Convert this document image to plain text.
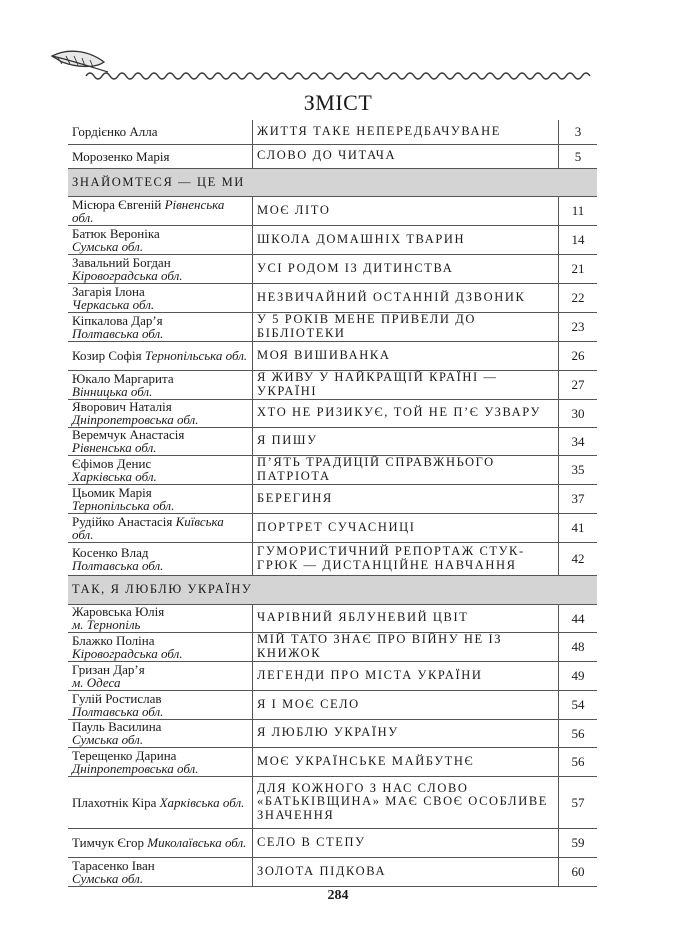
ЗМІСТ
Гордієнко Алла	ЖИТТЯ ТАКЕ НЕПЕРЕДБАЧУВАНЕ	3
Морозенко Марія	СЛОВО ДО ЧИТАЧА	5
ЗНАЙОМТЕСЯ — ЦЕ МИ		
Місюра Євгеній Рівненська обл.	МОЄ ЛІТО	11

Батюк Вероніка
Сумська обл.	ШКОЛА ДОМАШНІХ ТВАРИН	14

Завальний Богдан
Кіровоградська обл.	УСІ РОДОМ ІЗ ДИТИНСТВА	21

Загарія Ілона
Черкаська обл.	НЕЗВИЧАЙНИЙ ОСТАННІЙ ДЗВОНИК	22

Кіпкалова Дар’я
Полтавська обл.	У 5 РОКІВ МЕНЕ ПРИВЕЛИ ДО БІБЛІОТЕКИ	23
Козир Софія Тернопільська обл.	МОЯ ВИШИВАНКА	26

Юкало Маргарита
Вінницька обл.	Я ЖИВУ У НАЙКРАЩІЙ КРАЇНІ — УКРАЇНІ	27

Яворович Наталія
Дніпропетровська обл.	ХТО НЕ РИЗИКУЄ, ТОЙ НЕ П’Є УЗВАРУ	30

Веремчук Анастасія
Рівненська обл.	Я ПИШУ	34

Єфімов Денис
Харківська обл.	П’ЯТЬ ТРАДИЦІЙ СПРАВЖНЬОГО ПАТРІОТА	35

Цьомик Марія
Тернопільська обл.	БЕРЕГИНЯ	37
Рудійко Анастасія Київська обл.	ПОРТРЕТ СУЧАСНИЦІ	41

Косенко Влад
Полтавська обл.	ГУМОРИСТИЧНИЙ РЕПОРТАЖ СТУК-ГРЮК — ДИСТАНЦІЙНЕ НАВЧАННЯ	42
ТАК, Я ЛЮБЛЮ УКРАЇНУ		

Жаровська Юлія
м. Тернопіль	ЧАРІВНИЙ ЯБЛУНЕВИЙ ЦВІТ	44

Блажко Поліна
Кіровоградська обл.	МІЙ ТАТО ЗНАЄ ПРО ВІЙНУ НЕ ІЗ КНИЖОК	48

Гризан Дар’я
м. Одеса	ЛЕГЕНДИ ПРО МІСТА УКРАЇНИ	49

Гулій Ростислав
Полтавська обл.	Я І МОЄ СЕЛО	54

Пауль Василина
Сумська обл.	Я ЛЮБЛЮ УКРАЇНУ	56

Терещенко Дарина
Дніпропетровська обл.	МОЄ УКРАЇНСЬКЕ МАЙБУТНЄ	56
Плахотнік Кіра Харківська обл.	ДЛЯ КОЖНОГО З НАС СЛОВО «БАТЬКІВЩИНА» МАЄ СВОЄ ОСОБЛИВЕ ЗНАЧЕННЯ	57
Тимчук Єгор Миколаївська обл.	СЕЛО В СТЕПУ	59

Тарасенко Іван
Сумська обл.	ЗОЛОТА ПІДКОВА	60
284
